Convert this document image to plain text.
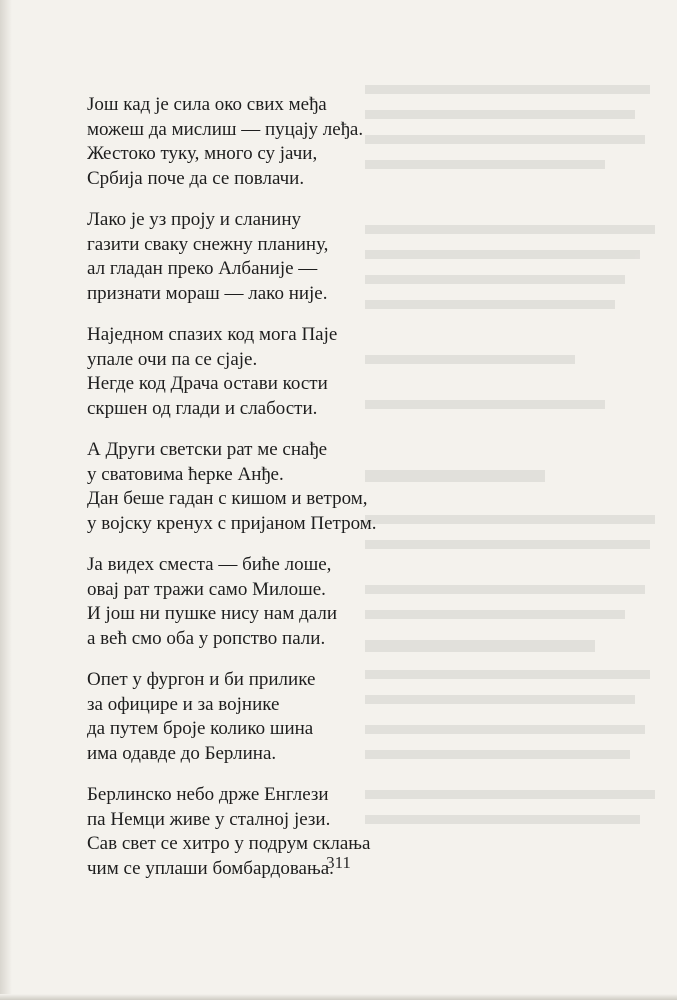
Још кад је сила око свих међа
можеш да мислиш — пуцају леђа.
Жестоко туку, много су јачи,
Србија поче да се повлачи.
Лако је уз проју и сланину
газити сваку снежну планину,
ал гладан преко Албаније —
признати мораш — лако није.
Наједном спазих код мога Паје
упале очи па се сјаје.
Негде код Драча остави кости
скршен од глади и слабости.
А Други светски рат ме снађе
у сватовима ћерке Анђе.
Дан беше гадан с кишом и ветром,
у војску кренух с пријаном Петром.
Ја видех сместа — биће лоше,
овај рат тражи само Милоше.
И још ни пушке нису нам дали
а већ смо оба у ропство пали.
Опет у фургон и би прилике
за официре и за војнике
да путем броје колико шина
има одавде до Берлина.
Берлинско небо држе Енглези
па Немци живе у сталној јези.
Сав свет се хитро у подрум склања
чим се уплаши бомбардовања.
311
